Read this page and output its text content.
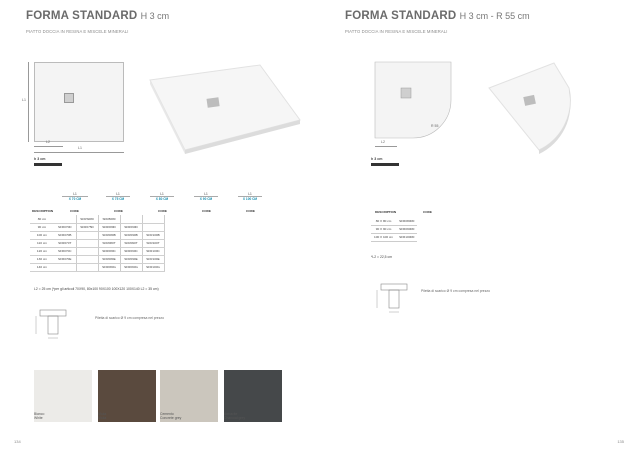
FORMA STANDARD H 3 cm
PIATTO DOCCIA IN RESINA E MISCELE MINERALI
L1
L2
L1
h 3 cm
L1
X 70 CM
L1
X 75 CM
L1
X 80 CM
L1
X 90 CM
L1
X 100 CM
DESCRIPTION	CODE	CODE	CODE	CODE	CODE
80 cm		SFRS080	SFR8080		
90 cm	SFR070D	SFR075D	SFR080D	SFR090D	
100 cm	SFR070B		SFR080B	SFR090B	SFR100B
110 cm	SFR070T		SFR080T	SFR090T	SFR100T
120 cm	SFR070C		SFR080C	SFR090C	SFR100C
130 cm	SFR070E		SFR080E	SFR090E	SFR100E
140 cm			SFR080G	SFR090G	SFR100G
L2 = 25 cm (*per gli articoli 70X90, 80x100 90X100 100X120 100X140 L2 = 35 cm)
Piletta di scarico Ø 9 cm compresa nel prezzo
Bianco
White
Moka
Moka
Cemento
Concrete grey
Antracite
Charcoal grey
134
FORMA STANDARD H 3 cm - R 55 cm
PIATTO DOCCIA IN RESINA E MISCELE MINERALI
R 55
L2
h 3 cm
DESCRIPTION	CODE
80 X 80 cm	SFR080R0
90 X 90 cm	SFR090R0
100 X 100 cm	SFR100R0
*L2 = 22,5 cm
Piletta di scarico Ø 9 cm compresa nel prezzo
135
